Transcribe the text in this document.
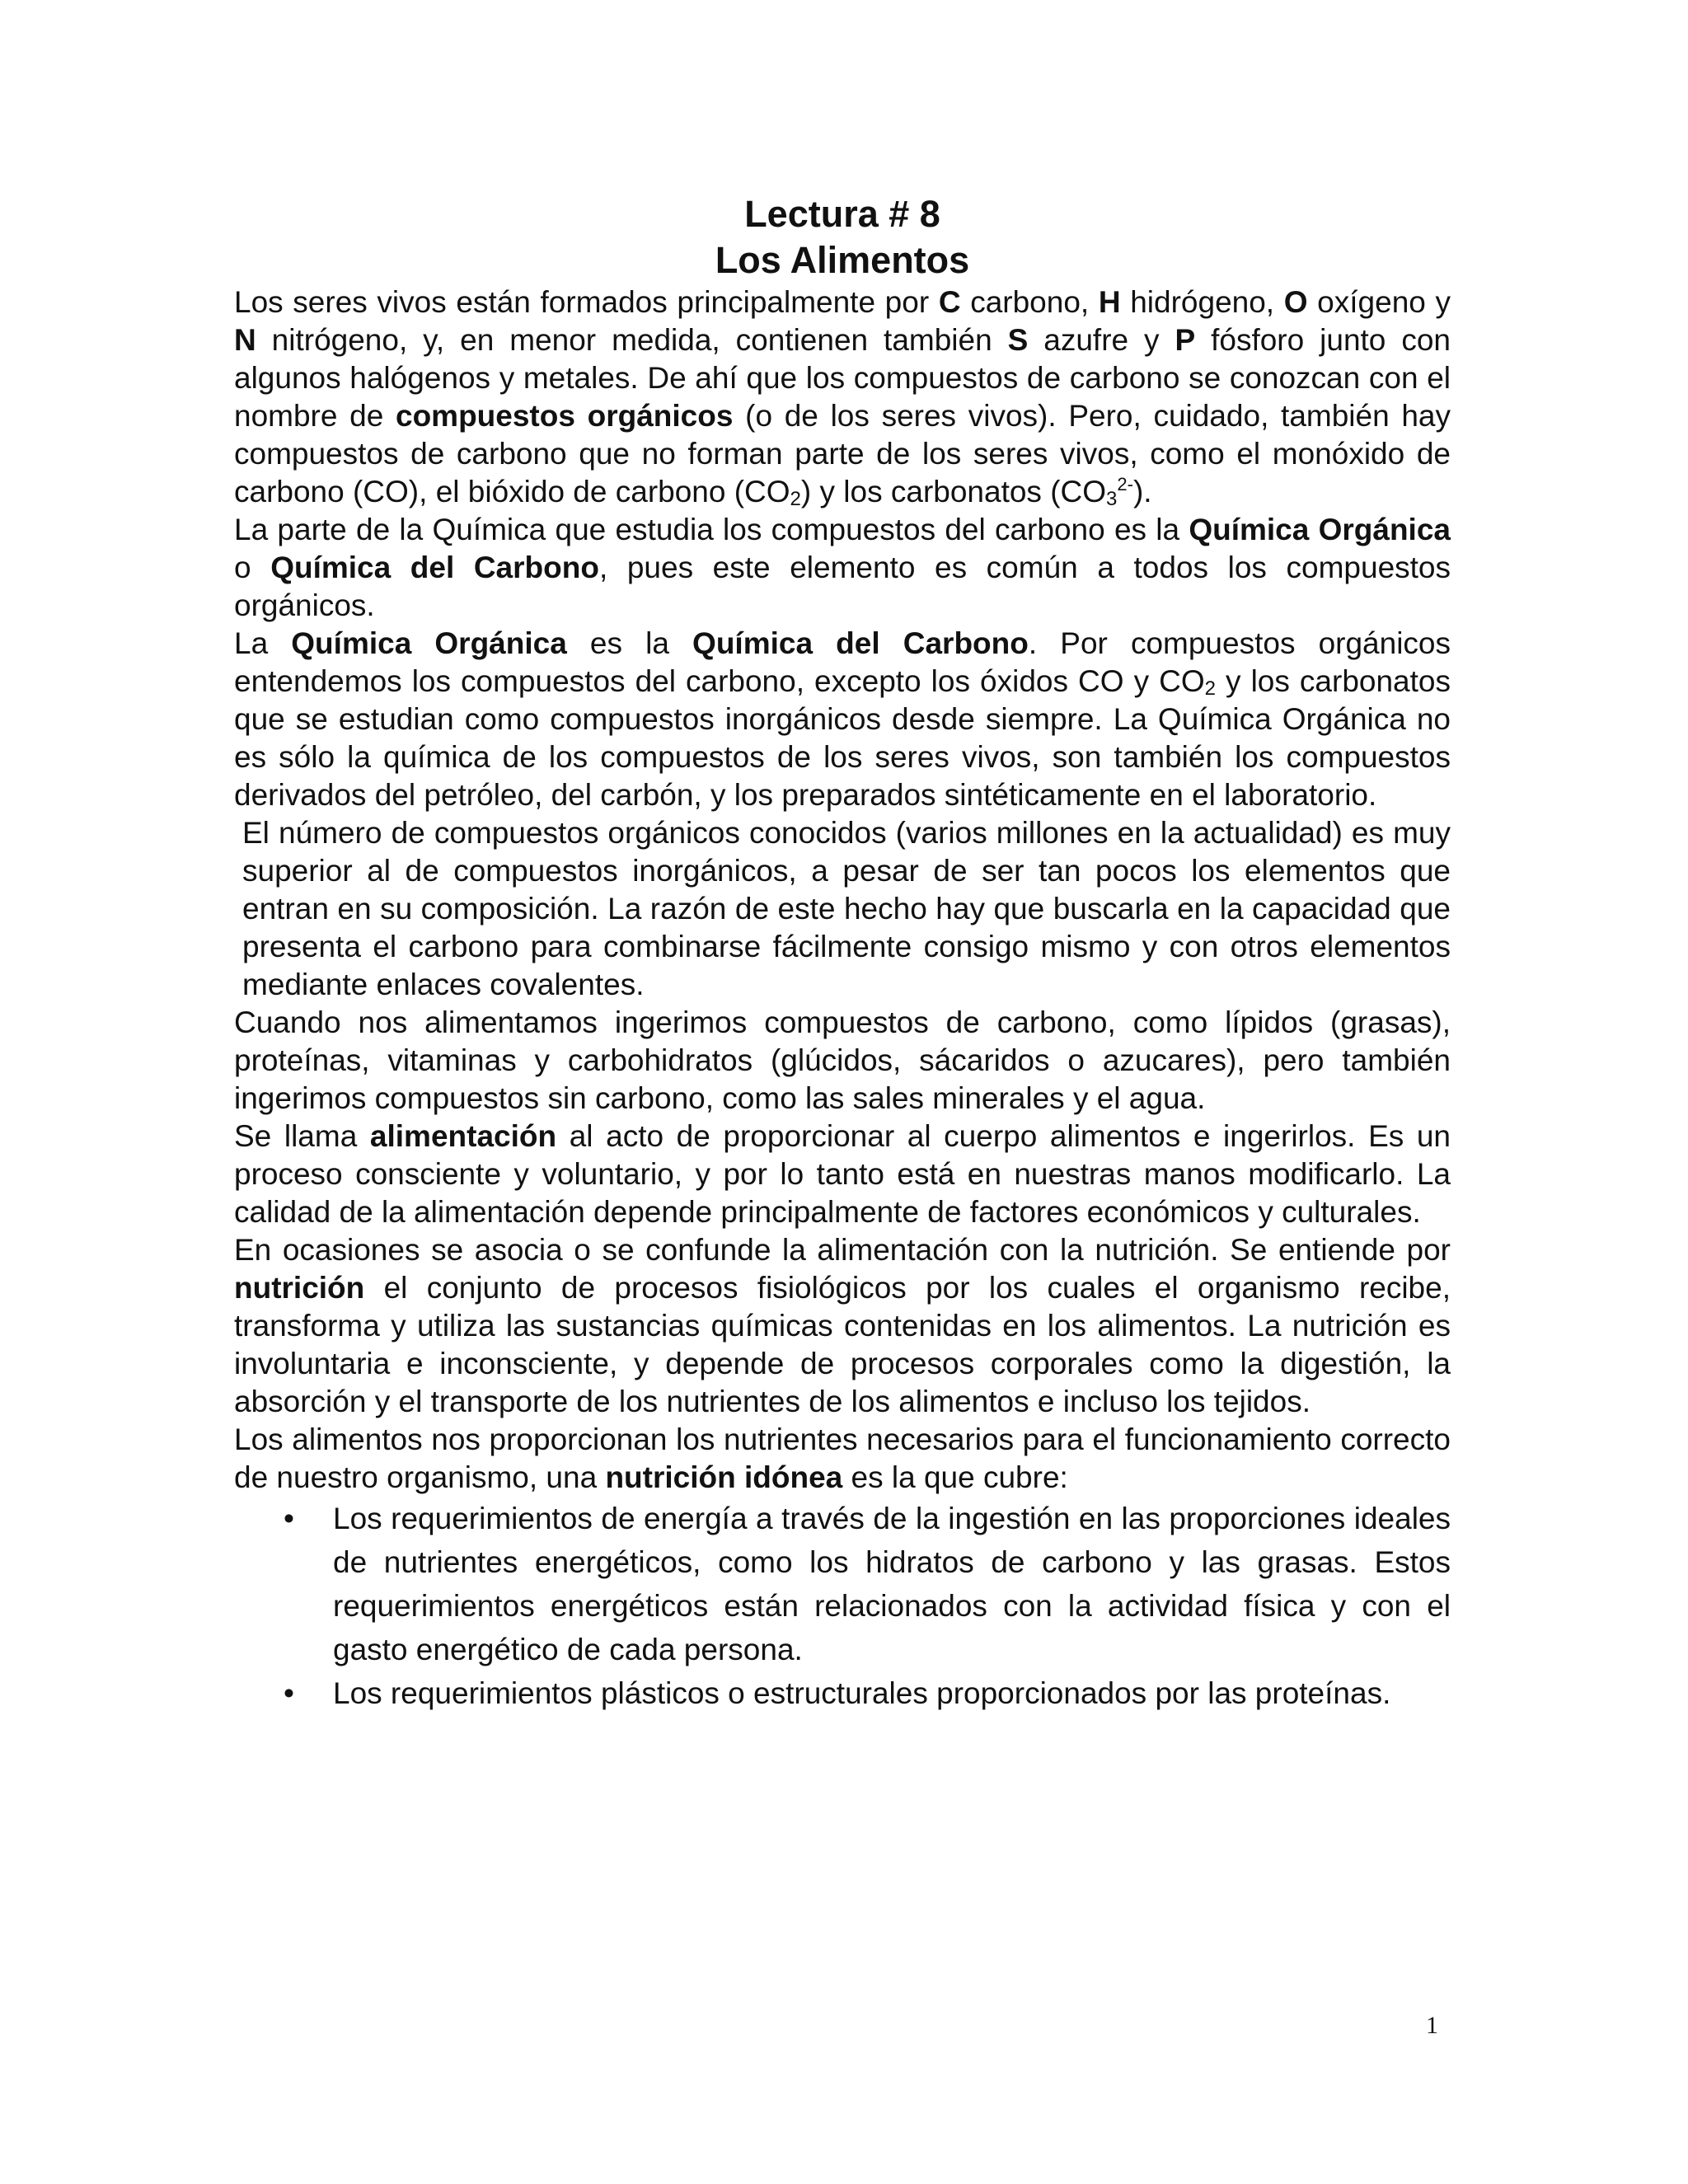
Lectura # 8
Los Alimentos

Los seres vivos están formados principalmente por C carbono, H hidrógeno, O oxígeno y N nitrógeno, y, en menor medida, contienen también S azufre y P fósforo junto con algunos halógenos y metales. De ahí que los compuestos de carbono se conozcan con el nombre de compuestos orgánicos (o de los seres vivos). Pero, cuidado, también hay compuestos de carbono que no forman parte de los seres vivos, como el monóxido de carbono (CO), el bióxido de carbono $(CO_2)$ y los carbonatos $(CO_3^{2-})$.

La parte de la Química que estudia los compuestos del carbono es la Química Orgánica o Química del Carbono, pues este elemento es común a todos los compuestos orgánicos.

La Química Orgánica es la Química del Carbono. Por compuestos orgánicos entendemos los compuestos del carbono, excepto los óxidos CO y $CO_2$ y los carbonatos que se estudian como compuestos inorgánicos desde siempre. La Química Orgánica no es sólo la química de los compuestos de los seres vivos, son también los compuestos derivados del petróleo, del carbón, y los preparados sintéticamente en el laboratorio.

El número de compuestos orgánicos conocidos (varios millones en la actualidad) es muy superior al de compuestos inorgánicos, a pesar de ser tan pocos los elementos que entran en su composición. La razón de este hecho hay que buscarla en la capacidad que presenta el carbono para combinarse fácilmente consigo mismo y con otros elementos mediante enlaces covalentes.

Cuando nos alimentamos ingerimos compuestos de carbono, como lípidos (grasas), proteínas, vitaminas y carbohidratos (glúcidos, sácaridos o azucares), pero también ingerimos compuestos sin carbono, como las sales minerales y el agua.

Se llama alimentación al acto de proporcionar al cuerpo alimentos e ingerirlos. Es un proceso consciente y voluntario, y por lo tanto está en nuestras manos modificarlo. La calidad de la alimentación depende principalmente de factores económicos y culturales.

En ocasiones se asocia o se confunde la alimentación con la nutrición. Se entiende por nutrición el conjunto de procesos fisiológicos por los cuales el organismo recibe, transforma y utiliza las sustancias químicas contenidas en los alimentos. La nutrición es involuntaria e inconsciente, y depende de procesos corporales como la digestión, la absorción y el transporte de los nutrientes de los alimentos e incluso los tejidos.

Los alimentos nos proporcionan los nutrientes necesarios para el funcionamiento correcto de nuestro organismo, una nutrición idónea es la que cubre:

• Los requerimientos de energía a través de la ingestión en las proporciones ideales de nutrientes energéticos, como los hidratos de carbono y las grasas. Estos requerimientos energéticos están relacionados con la actividad física y con el gasto energético de cada persona.
• Los requerimientos plásticos o estructurales proporcionados por las proteínas.
1
